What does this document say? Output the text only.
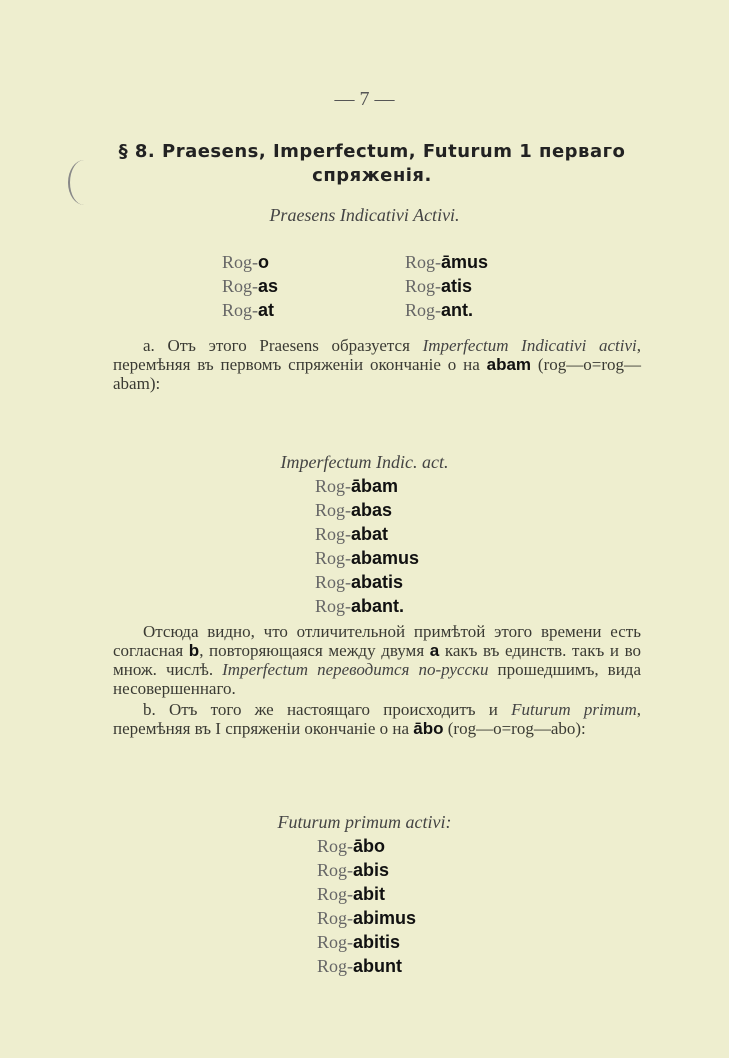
— 7 —
§ 8. Praesens, Imperfectum, Futurum 1 перваго
спряженія.
Praesens Indicativi Activi.
Rog-o
Rog-as
Rog-at
Rog-āmus
Rog-atis
Rog-ant.
a. Отъ этого Praesens образуется Imperfectum Indicativi activi, перемѣняя въ первомъ спряженіи окончаніе о на abam (rog—o=rog—abam):
Imperfectum Indic. act.
Rog-ābam
Rog-abas
Rog-abat
Rog-abamus
Rog-abatis
Rog-abant.
Отсюда видно, что отличительной примѣтой этого времени есть согласная b, повторяющаяся между двумя a какъ въ единств. такъ и во множ. числѣ. Imperfectum переводится по-русски прошедшимъ, вида несовершеннаго.
b. Отъ того же настоящаго происходитъ и Futurum primum, перемѣняя въ I спряженіи окончаніе о на ābo (rog—o=rog—abo):
Futurum primum activi:
Rog-ābo
Rog-abis
Rog-abit
Rog-abimus
Rog-abitis
Rog-abunt
